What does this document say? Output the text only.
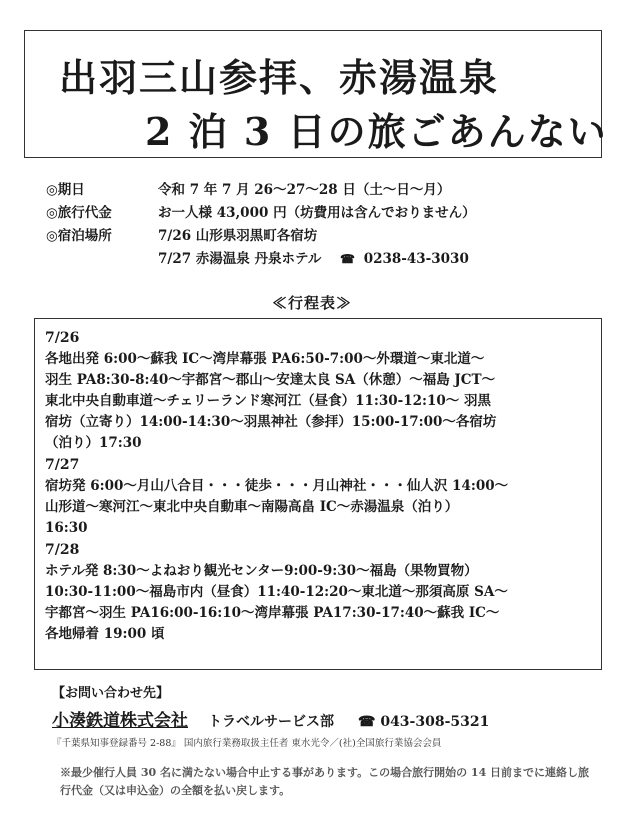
出羽三山参拝、赤湯温泉
2 泊 3 日の旅ごあんない
◎期日	令和 7 年 7 月 26～27～28 日（土～日～月）
◎旅行代金	お一人様 43,000 円（坊費用は含んでおりません）
◎宿泊場所	7/26 山形県羽黒町各宿坊
7/27 赤湯温泉 丹泉ホテル ☎ 0238-43-3030
≪行程表≫
7/26
各地出発 6:00～蘇我 IC～湾岸幕張 PA6:50-7:00～外環道～東北道～
羽生 PA8:30-8:40～宇都宮～郡山～安達太良 SA（休憩）～福島 JCT～
東北中央自動車道～チェリーランド寒河江（昼食）11:30-12:10～ 羽黒
宿坊（立寄り）14:00-14:30～羽黒神社（参拝）15:00-17:00～各宿坊
（泊り）17:30
7/27
宿坊発 6:00～月山八合目・・・徒歩・・・月山神社・・・仙人沢 14:00～
山形道～寒河江～東北中央自動車～南陽高畠 IC～赤湯温泉（泊り）
16:30
7/28
ホテル発 8:30～よねおり観光センター9:00-9:30～福島（果物買物）
10:30-11:00～福島市内（昼食）11:40-12:20～東北道～那須高原 SA～
宇都宮～羽生 PA16:00-16:10～湾岸幕張 PA17:30-17:40～蘇我 IC～
各地帰着 19:00 頃
【お問い合わせ先】
小湊鉄道株式会社 トラベルサービス部 ☎ 043-308-5321
『千葉県知事登録番号 2-88』 国内旅行業務取扱主任者 東水光令／(社)全国旅行業協会会員
※最少催行人員 30 名に満たない場合中止する事があります。この場合旅行開始の 14 日前までに連絡し旅行代金（又は申込金）の全額を払い戻します。
